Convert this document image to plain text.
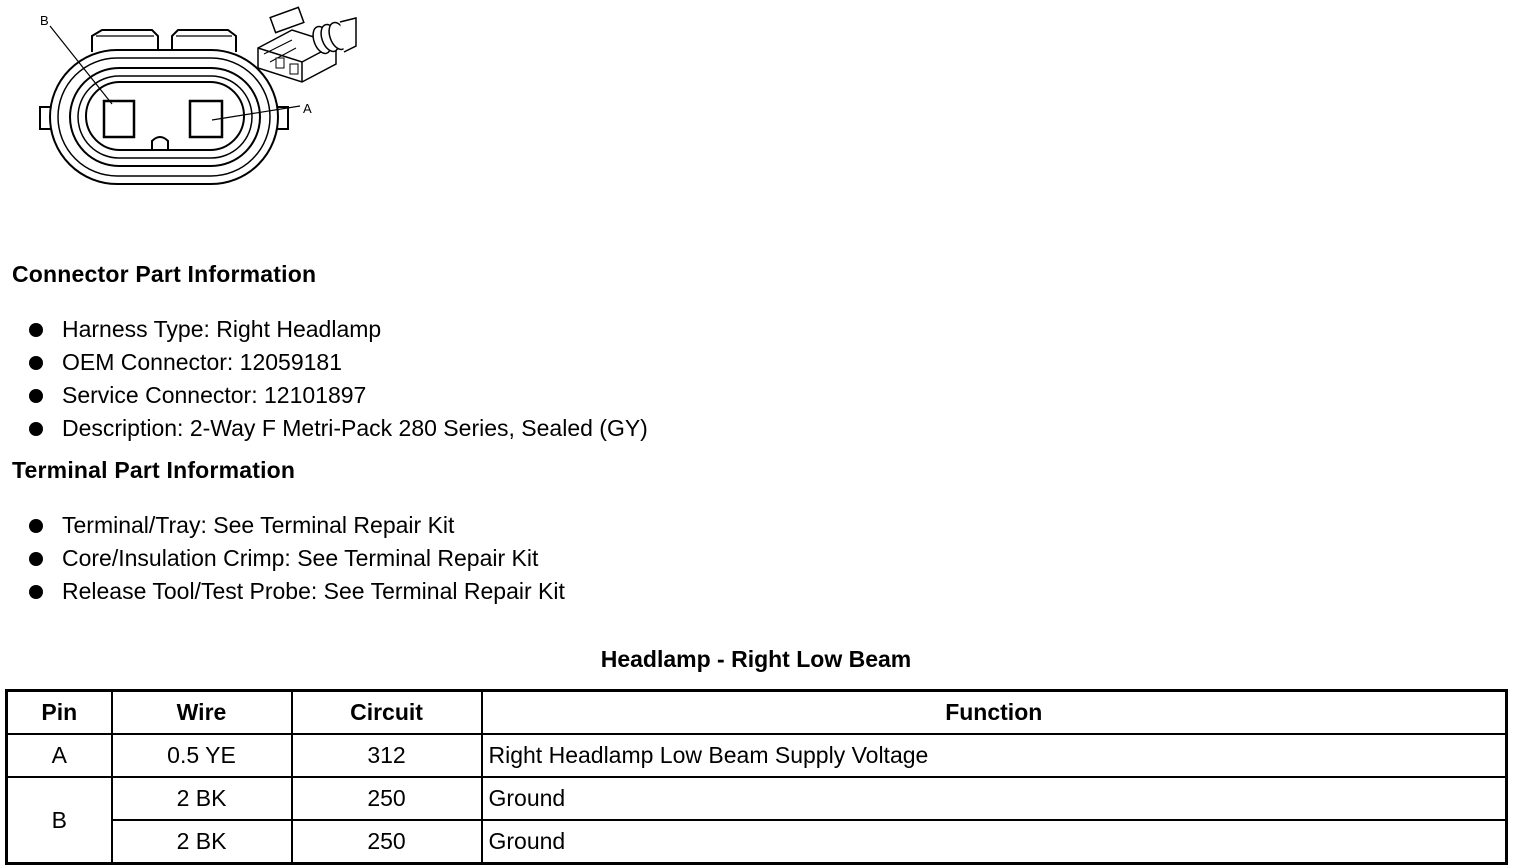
B
A
Connector Part Information
Harness Type: Right Headlamp
OEM Connector: 12059181
Service Connector: 12101897
Description: 2-Way F Metri-Pack 280 Series, Sealed (GY)
Terminal Part Information
Terminal/Tray: See Terminal Repair Kit
Core/Insulation Crimp: See Terminal Repair Kit
Release Tool/Test Probe: See Terminal Repair Kit
Headlamp - Right Low Beam
Pin	Wire	Circuit	Function
A	0.5 YE	312	Right Headlamp Low Beam Supply Voltage
B	2 BK	250	Ground
	2 BK	250	Ground
